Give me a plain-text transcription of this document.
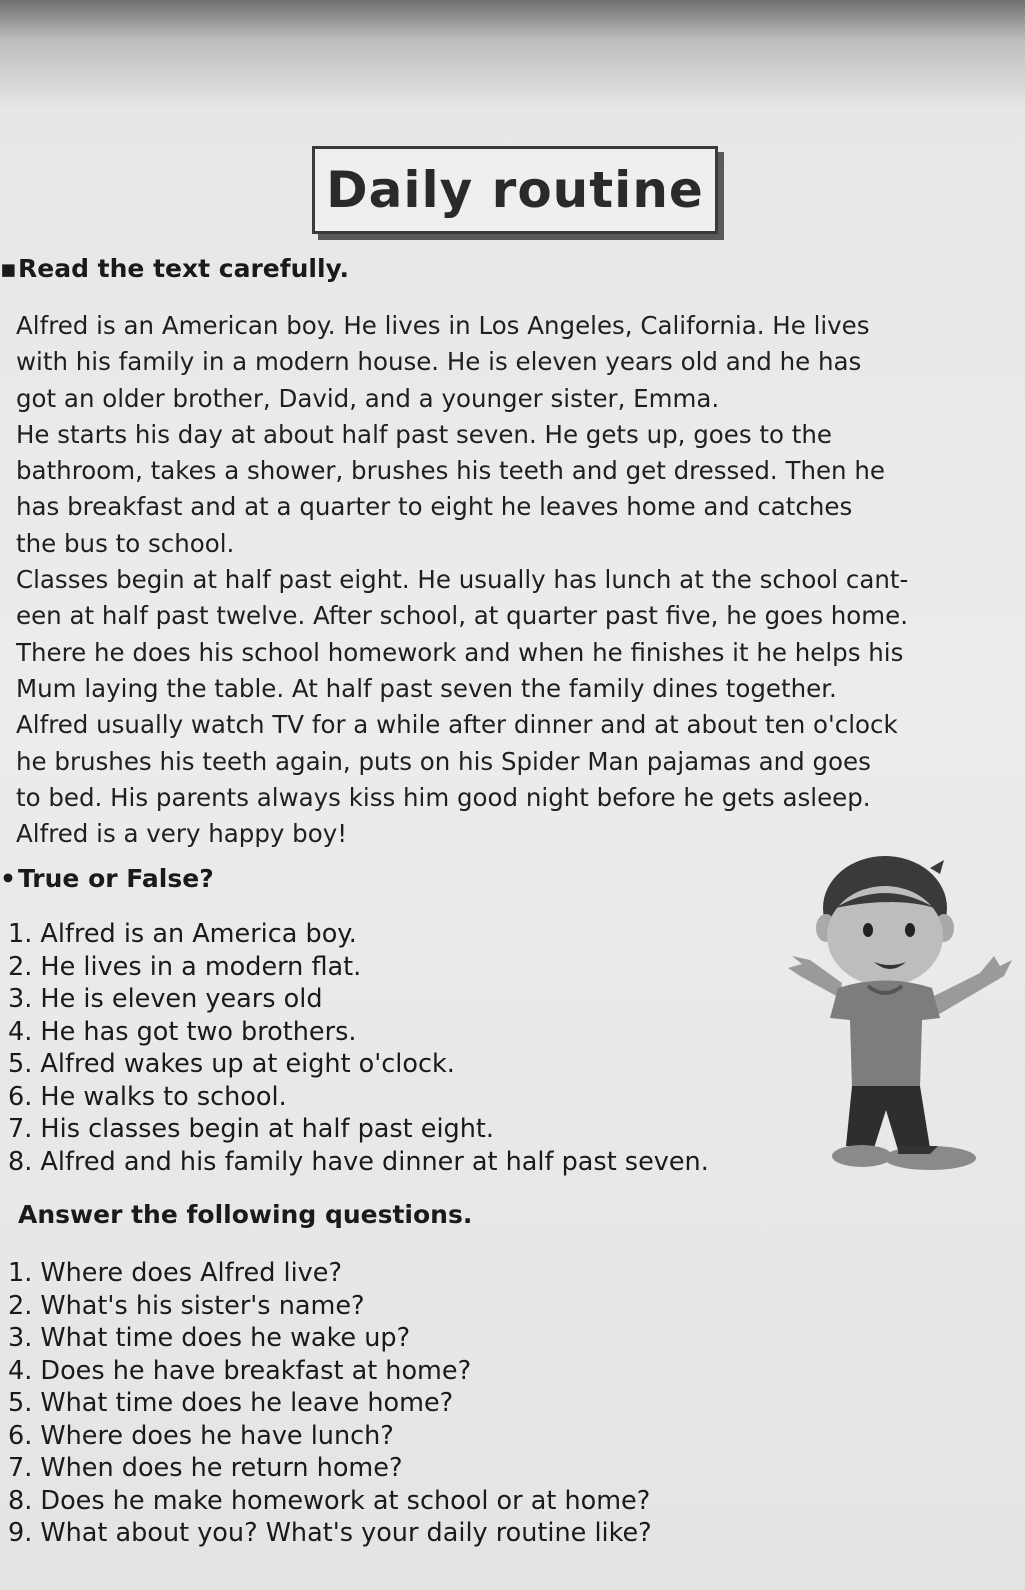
Daily routine
▪Read the text carefully.

Alfred is an American boy. He lives in Los Angeles, California. He lives

with his family in a modern house. He is eleven years old and he has

got an older brother, David, and a younger sister, Emma.

He starts his day at about half past seven. He gets up, goes to the

bathroom, takes a shower, brushes his teeth and get dressed. Then he

has breakfast and at a quarter to eight he leaves home and catches

the bus to school.

Classes begin at half past eight. He usually has lunch at the school cant-

een at half past twelve. After school, at quarter past five, he goes home.

There he does his school homework and when he finishes it he helps his

Mum laying the table. At half past seven the family dines together.

Alfred usually watch TV for a while after dinner and at about ten o'clock

he brushes his teeth again, puts on his Spider Man pajamas and goes

to bed. His parents always kiss him good night before he gets asleep.

Alfred is a very happy boy!

•True or False?
1. Alfred is an America boy.
2. He lives in a modern flat.
3. He is eleven years old
4. He has got two brothers.
5. Alfred wakes up at eight o'clock.
6. He walks to school.
7. His classes begin at half past eight.
8. Alfred and his family have dinner at half past seven.
Answer the following questions.
1. Where does Alfred live?
2. What's his sister's name?
3. What time does he wake up?
4. Does he have breakfast at home?
5. What time does he leave home?
6. Where does he have lunch?
7. When does he return home?
8. Does he make homework at school or at home?
9. What about you? What's your daily routine like?
